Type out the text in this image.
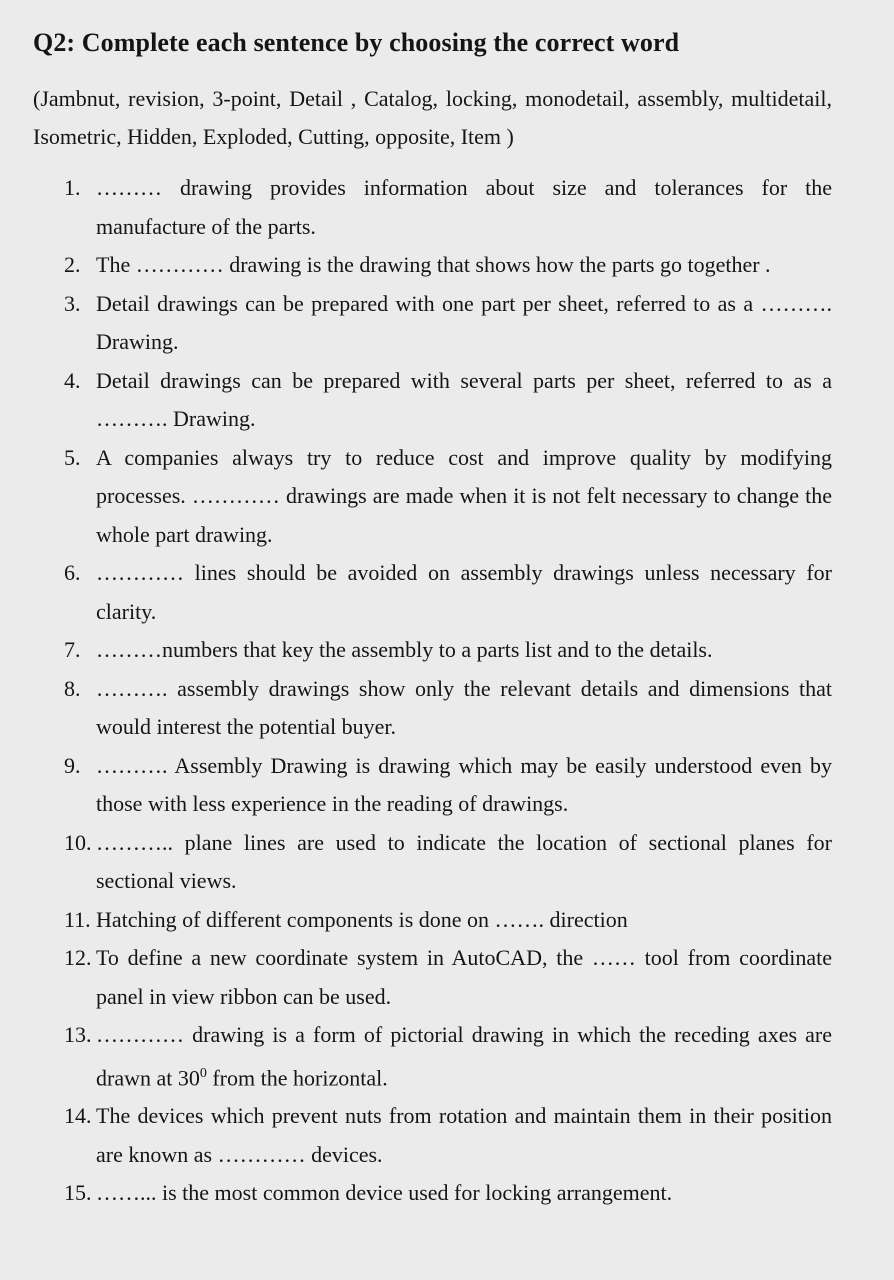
Q2: Complete each sentence by choosing the correct word

(Jambnut, revision, 3-point, Detail , Catalog, locking, monodetail, assembly, multidetail, Isometric, Hidden, Exploded, Cutting, opposite, Item )

1. ……… drawing provides information about size and tolerances for the manufacture of the parts.
2. The ………… drawing is the drawing that shows how the parts go together .
3. Detail drawings can be prepared with one part per sheet, referred to as a ………. Drawing.
4. Detail drawings can be prepared with several parts per sheet, referred to as a ………. Drawing.
5. A companies always try to reduce cost and improve quality by modifying processes. ………… drawings are made when it is not felt necessary to change the whole part drawing.
6. ………… lines should be avoided on assembly drawings unless necessary for clarity.
7. ………numbers that key the assembly to a parts list and to the details.
8. ………. assembly drawings show only the relevant details and dimensions that would interest the potential buyer.
9. ………. Assembly Drawing is drawing which may be easily understood even by those with less experience in the reading of drawings.
10. ……….. plane lines are used to indicate the location of sectional planes for sectional views.
11. Hatching of different components is done on ……. direction
12. To define a new coordinate system in AutoCAD, the …… tool from coordinate panel in view ribbon can be used.
13. ………… drawing is a form of pictorial drawing in which the receding axes are drawn at $30^0$ from the horizontal.
14. The devices which prevent nuts from rotation and maintain them in their position are known as ………… devices.
15. ……... is the most common device used for locking arrangement.
